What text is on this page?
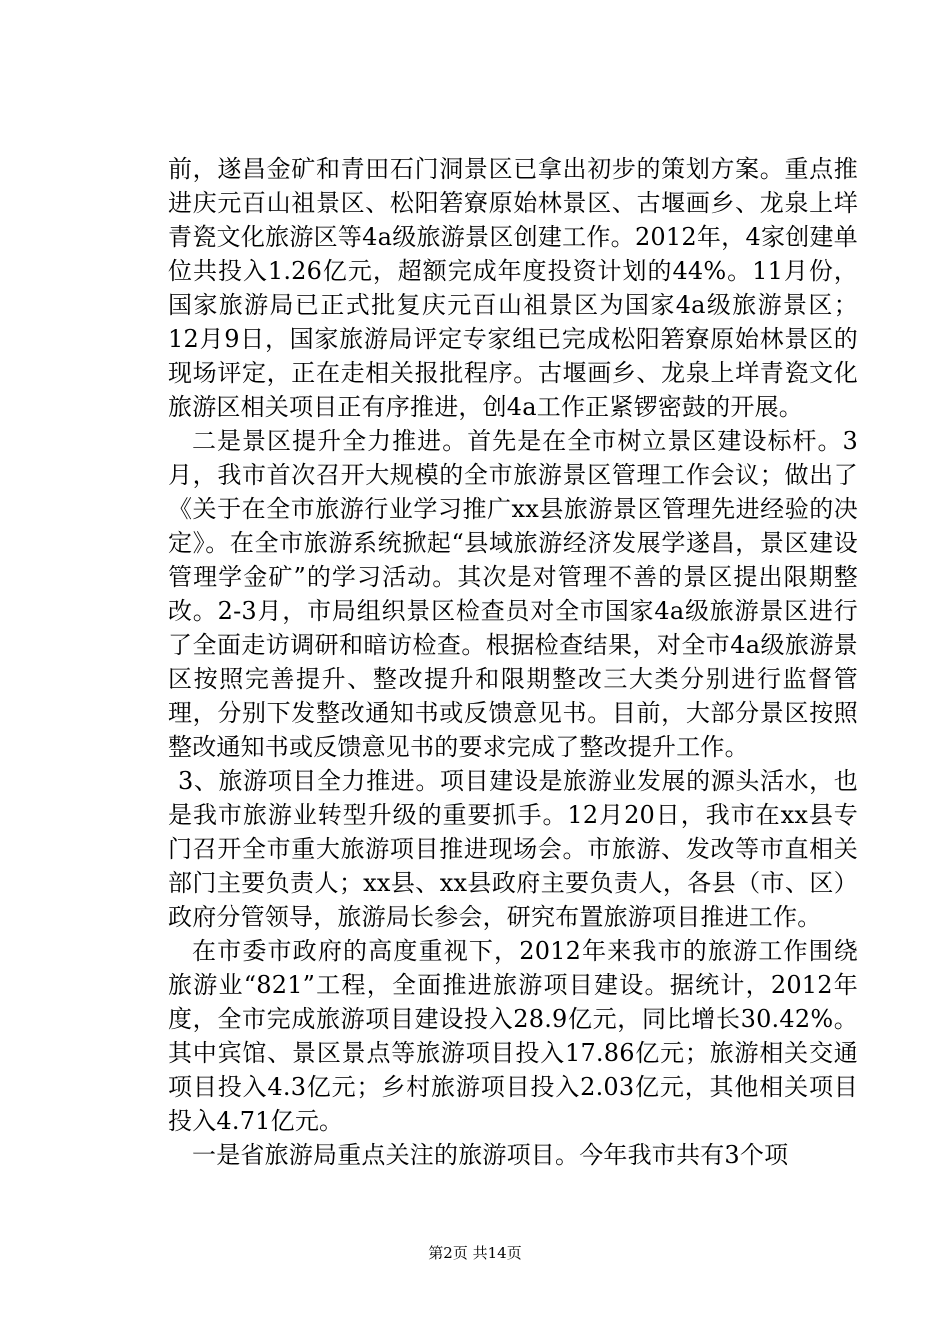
前，遂昌金矿和青田石门洞景区已拿出初步的策划方案。重点推进庆元百山祖景区、松阳箬寮原始林景区、古堰画乡、龙泉上垟青瓷文化旅游区等4a级旅游景区创建工作。2012年，4家创建单位共投入1.26亿元，超额完成年度投资计划的44%。11月份，国家旅游局已正式批复庆元百山祖景区为国家4a级旅游景区；12月9日，国家旅游局评定专家组已完成松阳箬寮原始林景区的现场评定，正在走相关报批程序。古堰画乡、龙泉上垟青瓷文化旅游区相关项目正有序推进，创4a工作正紧锣密鼓的开展。

二是景区提升全力推进。首先是在全市树立景区建设标杆。3月，我市首次召开大规模的全市旅游景区管理工作会议；做出了《关于在全市旅游行业学习推广xx县旅游景区管理先进经验的决定》。在全市旅游系统掀起“县域旅游经济发展学遂昌，景区建设管理学金矿”的学习活动。其次是对管理不善的景区提出限期整改。2-3月，市局组织景区检查员对全市国家4a级旅游景区进行了全面走访调研和暗访检查。根据检查结果，对全市4a级旅游景区按照完善提升、整改提升和限期整改三大类分别进行监督管理，分别下发整改通知书或反馈意见书。目前，大部分景区按照整改通知书或反馈意见书的要求完成了整改提升工作。

3、旅游项目全力推进。项目建设是旅游业发展的源头活水，也是我市旅游业转型升级的重要抓手。12月20日，我市在xx县专门召开全市重大旅游项目推进现场会。市旅游、发改等市直相关部门主要负责人；xx县、xx县政府主要负责人，各县（市、区）政府分管领导，旅游局长参会，研究布置旅游项目推进工作。

在市委市政府的高度重视下，2012年来我市的旅游工作围绕旅游业“821”工程，全面推进旅游项目建设。据统计，2012年度，全市完成旅游项目建设投入28.9亿元，同比增长30.42%。其中宾馆、景区景点等旅游项目投入17.86亿元；旅游相关交通项目投入4.3亿元；乡村旅游项目投入2.03亿元，其他相关项目投入4.71亿元。

一是省旅游局重点关注的旅游项目。今年我市共有3个项

第2页 共14页
